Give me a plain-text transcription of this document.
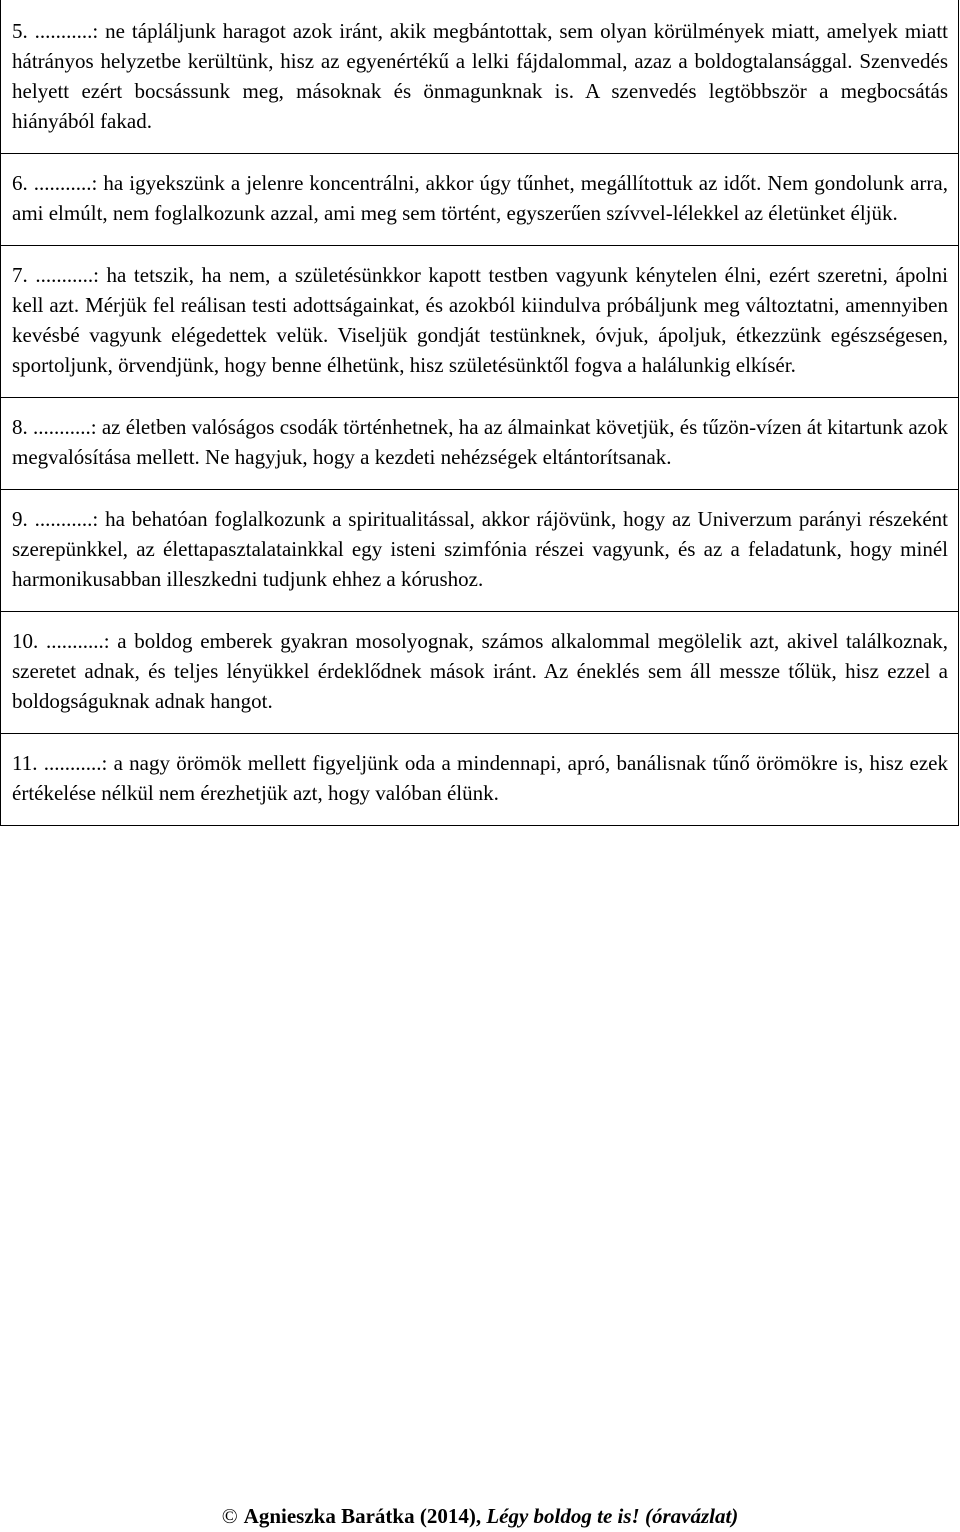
5. ...........: ne tápláljunk haragot azok iránt, akik megbántottak, sem olyan körülmények miatt, amelyek miatt hátrányos helyzetbe kerültünk, hisz az egyenértékű a lelki fájdalommal, azaz a boldogtalansággal. Szenvedés helyett ezért bocsássunk meg, másoknak és önmagunknak is. A szenvedés legtöbbször a megbocsátás hiányából fakad.
6. ...........: ha igyekszünk a jelenre koncentrálni, akkor úgy tűnhet, megállítottuk az időt. Nem gondolunk arra, ami elmúlt, nem foglalkozunk azzal, ami meg sem történt, egyszerűen szívvel-lélekkel az életünket éljük.
7. ...........: ha tetszik, ha nem, a születésünkkor kapott testben vagyunk kénytelen élni, ezért szeretni, ápolni kell azt. Mérjük fel reálisan testi adottságainkat, és azokból kiindulva próbáljunk meg változtatni, amennyiben kevésbé vagyunk elégedettek velük. Viseljük gondját testünknek, óvjuk, ápoljuk, étkezzünk egészségesen, sportoljunk, örvendjünk, hogy benne élhetünk, hisz születésünktől fogva a halálunkig elkísér.
8. ...........: az életben valóságos csodák történhetnek, ha az álmainkat követjük, és tűzön-vízen át kitartunk azok megvalósítása mellett. Ne hagyjuk, hogy a kezdeti nehézségek eltántorítsanak.
9. ...........: ha behatóan foglalkozunk a spiritualitással, akkor rájövünk, hogy az Univerzum parányi részeként szerepünkkel, az élettapasztalatainkkal egy isteni szimfónia részei vagyunk, és az a feladatunk, hogy minél harmonikusabban illeszkedni tudjunk ehhez a kórushoz.
10. ...........: a boldog emberek gyakran mosolyognak, számos alkalommal megölelik azt, akivel találkoznak, szeretet adnak, és teljes lényükkel érdeklődnek mások iránt. Az éneklés sem áll messze tőlük, hisz ezzel a boldogságuknak adnak hangot.
11. ...........: a nagy örömök mellett figyeljünk oda a mindennapi, apró, banálisnak tűnő örömökre is, hisz ezek értékelése nélkül nem érezhetjük azt, hogy valóban élünk.
© Agnieszka Barátka (2014), Légy boldog te is! (óravázlat)
